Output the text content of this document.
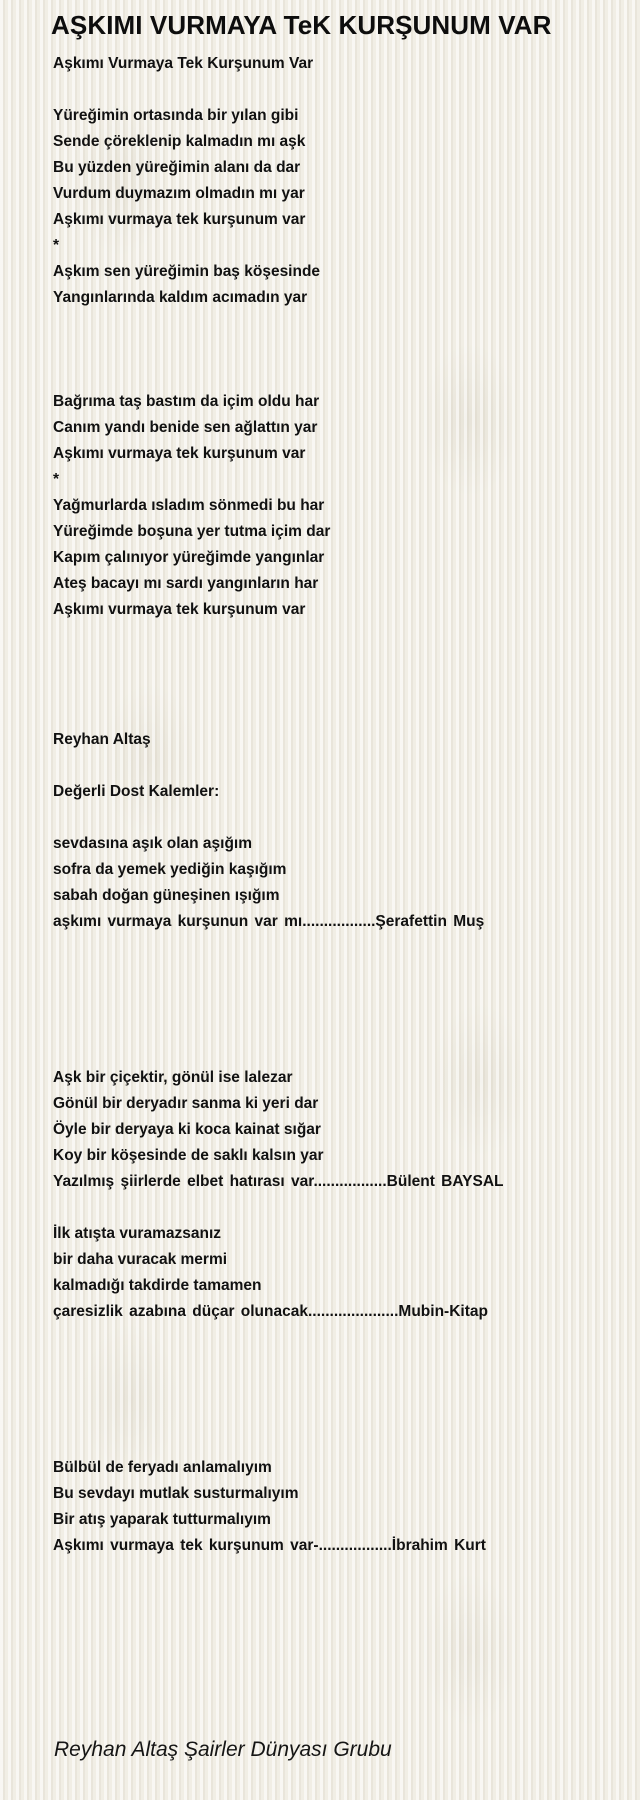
AŞKIMI VURMAYA TeK KURŞUNUM VAR
Aşkımı Vurmaya Tek Kurşunum Var
Yüreğimin ortasında bir yılan gibi
Sende çöreklenip kalmadın mı aşk
Bu yüzden yüreğimin alanı da dar
Vurdum duymazım olmadın mı yar
Aşkımı vurmaya tek kurşunum var
*
Aşkım sen yüreğimin baş köşesinde
Yangınlarında kaldım acımadın yar
Bağrıma taş bastım da içim oldu har
Canım yandı benide sen ağlattın yar
Aşkımı vurmaya tek kurşunum var
*
Yağmurlarda ısladım sönmedi bu har
Yüreğimde boşuna yer tutma içim dar
Kapım çalınıyor yüreğimde yangınlar
Ateş bacayı mı sardı yangınların har
Aşkımı vurmaya tek kurşunum var
Reyhan Altaş
Değerli Dost Kalemler:
sevdasına aşık olan aşığım
sofra da yemek yediğin kaşığım
sabah doğan güneşinen ışığım
aşkımı vurmaya kurşunun var mı.................Şerafettin Muş
Aşk bir çiçektir, gönül ise lalezar
Gönül bir deryadır sanma ki yeri dar
Öyle bir deryaya ki koca kainat sığar
Koy bir köşesinde de saklı kalsın yar
Yazılmış şiirlerde elbet hatırası var.................Bülent BAYSAL
İlk atışta vuramazsanız
bir daha vuracak mermi
kalmadığı takdirde tamamen
çaresizlik azabına düçar olunacak.....................Mubin-Kitap
Bülbül de feryadı anlamalıyım
Bu sevdayı mutlak susturmalıyım
Bir atış yaparak tutturmalıyım
Aşkımı vurmaya tek kurşunum var-.................İbrahim Kurt
Reyhan Altaş Şairler Dünyası Grubu
